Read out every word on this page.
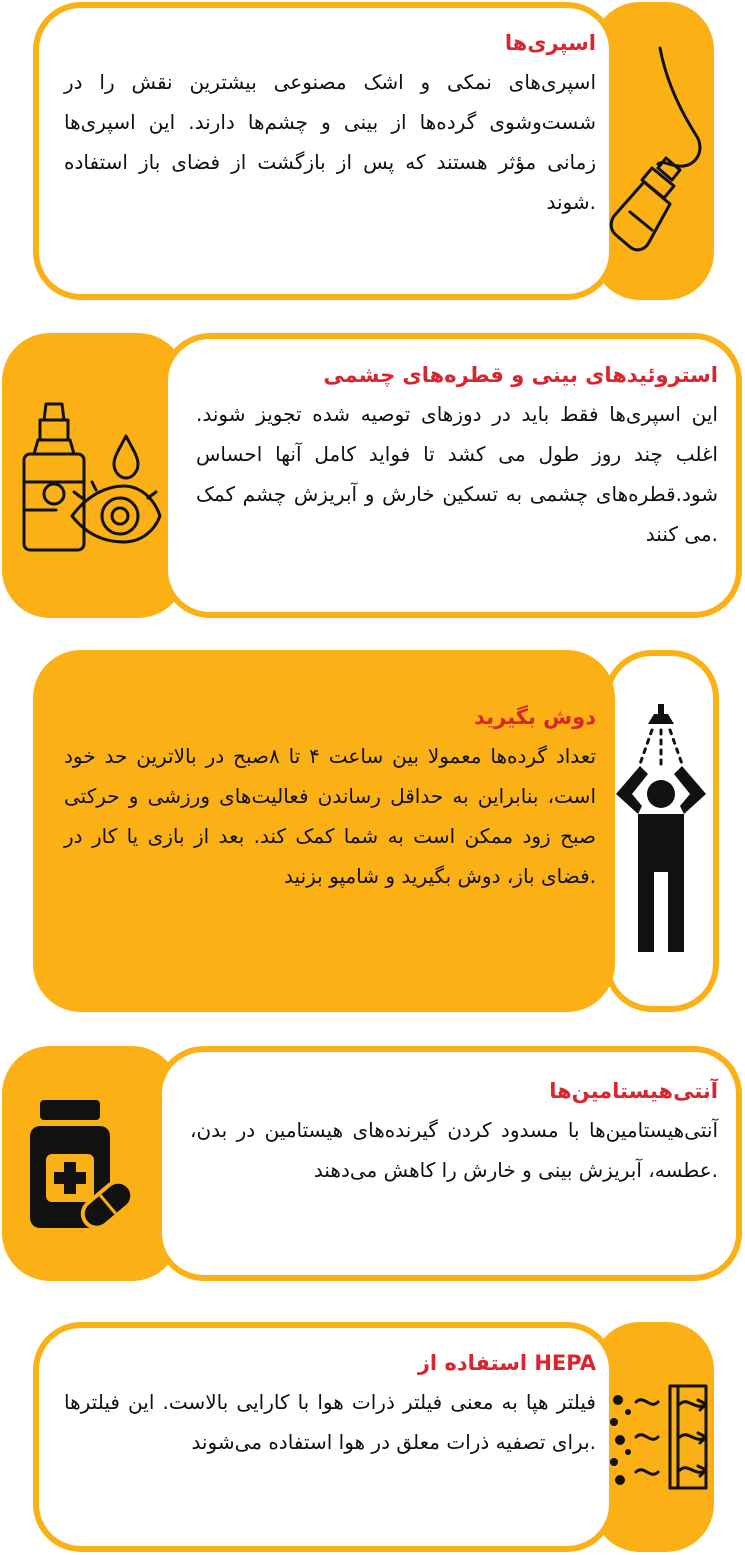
اسپری‌ها
اسپری‌های نمکی و اشک مصنوعی بیشترین نقش را در شست‌وشوی گرده‌ها از بینی و چشم‌ها دارند. این اسپری‌ها زمانی مؤثر هستند که پس از بازگشت از فضای باز استفاده شوند.
استروئیدهای بینی و قطره‌های چشمی
این اسپری‌ها فقط باید در دوزهای توصیه شده تجویز شوند. اغلب چند روز طول می کشد تا فواید کامل آنها احساس شود.قطره‌های چشمی به تسکین خارش و آبریزش چشم کمک می کنند.
دوش بگیرید
تعداد گرده‌ها معمولا بین ساعت ۴ تا ۸صبح در بالاترین حد خود است، بنابراین به حداقل رساندن فعالیت‌های ورزشی و حرکتی صبح زود ممکن است به شما کمک کند. بعد از بازی یا کار در فضای باز، دوش بگیرید و شامپو بزنید.
آنتی‌هیستامین‌ها
آنتی‌هیستامین‌ها با مسدود کردن گیرنده‌های هیستامین در بدن، عطسه، آبریزش بینی و خارش را کاهش می‌دهند.
استفاده از HEPA
فیلتر هپا به معنی فیلتر ذرات هوا با کارایی بالاست. این فیلترها برای تصفیه ذرات معلق در هوا استفاده می‌شوند.
